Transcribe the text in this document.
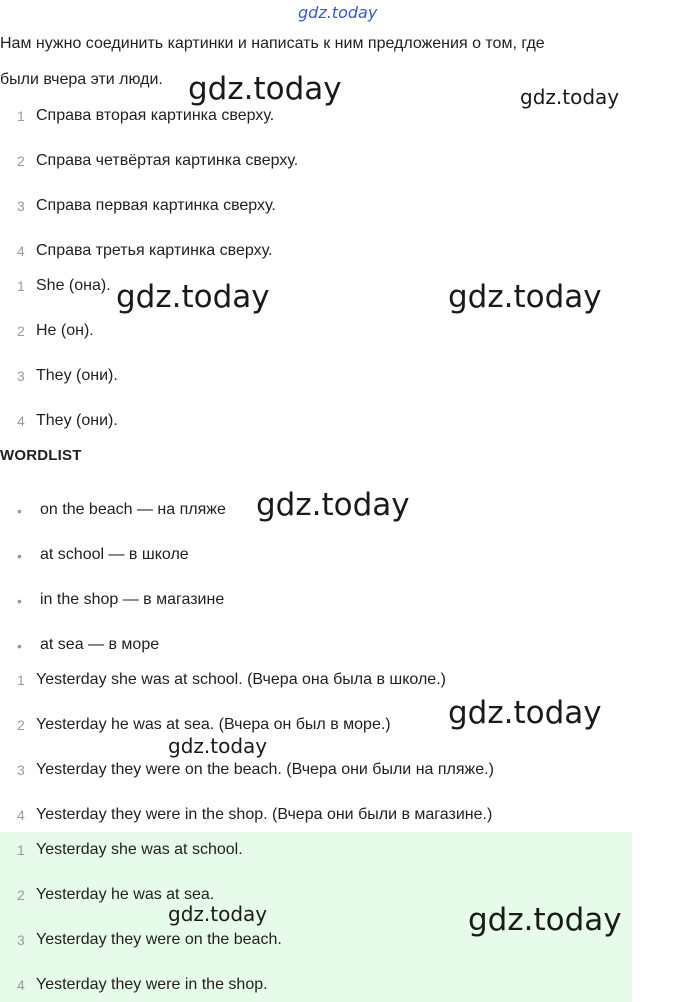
gdz.today
Нам нужно соединить картинки и написать к ним предложения о том, где
были вчера эти люди.
1 Справа вторая картинка сверху.
2 Справа четвёртая картинка сверху.
3 Справа первая картинка сверху.
4 Справа третья картинка сверху.
1 She (она).
2 He (он).
3 They (они).
4 They (они).
WORDLIST
• on the beach — на пляже
• at school — в школе
• in the shop — в магазине
• at sea — в море
1 Yesterday she was at school. (Вчера она была в школе.)
2 Yesterday he was at sea. (Вчера он был в море.)
3 Yesterday they were on the beach. (Вчера они были на пляже.)
4 Yesterday they were in the shop. (Вчера они были в магазине.)
1 Yesterday she was at school.
2 Yesterday he was at sea.
3 Yesterday they were on the beach.
4 Yesterday they were in the shop.
gdz.today	gdz.today
gdz.today	gdz.today
gdz.today
gdz.today
gdz.today
gdz.today	gdz.today
